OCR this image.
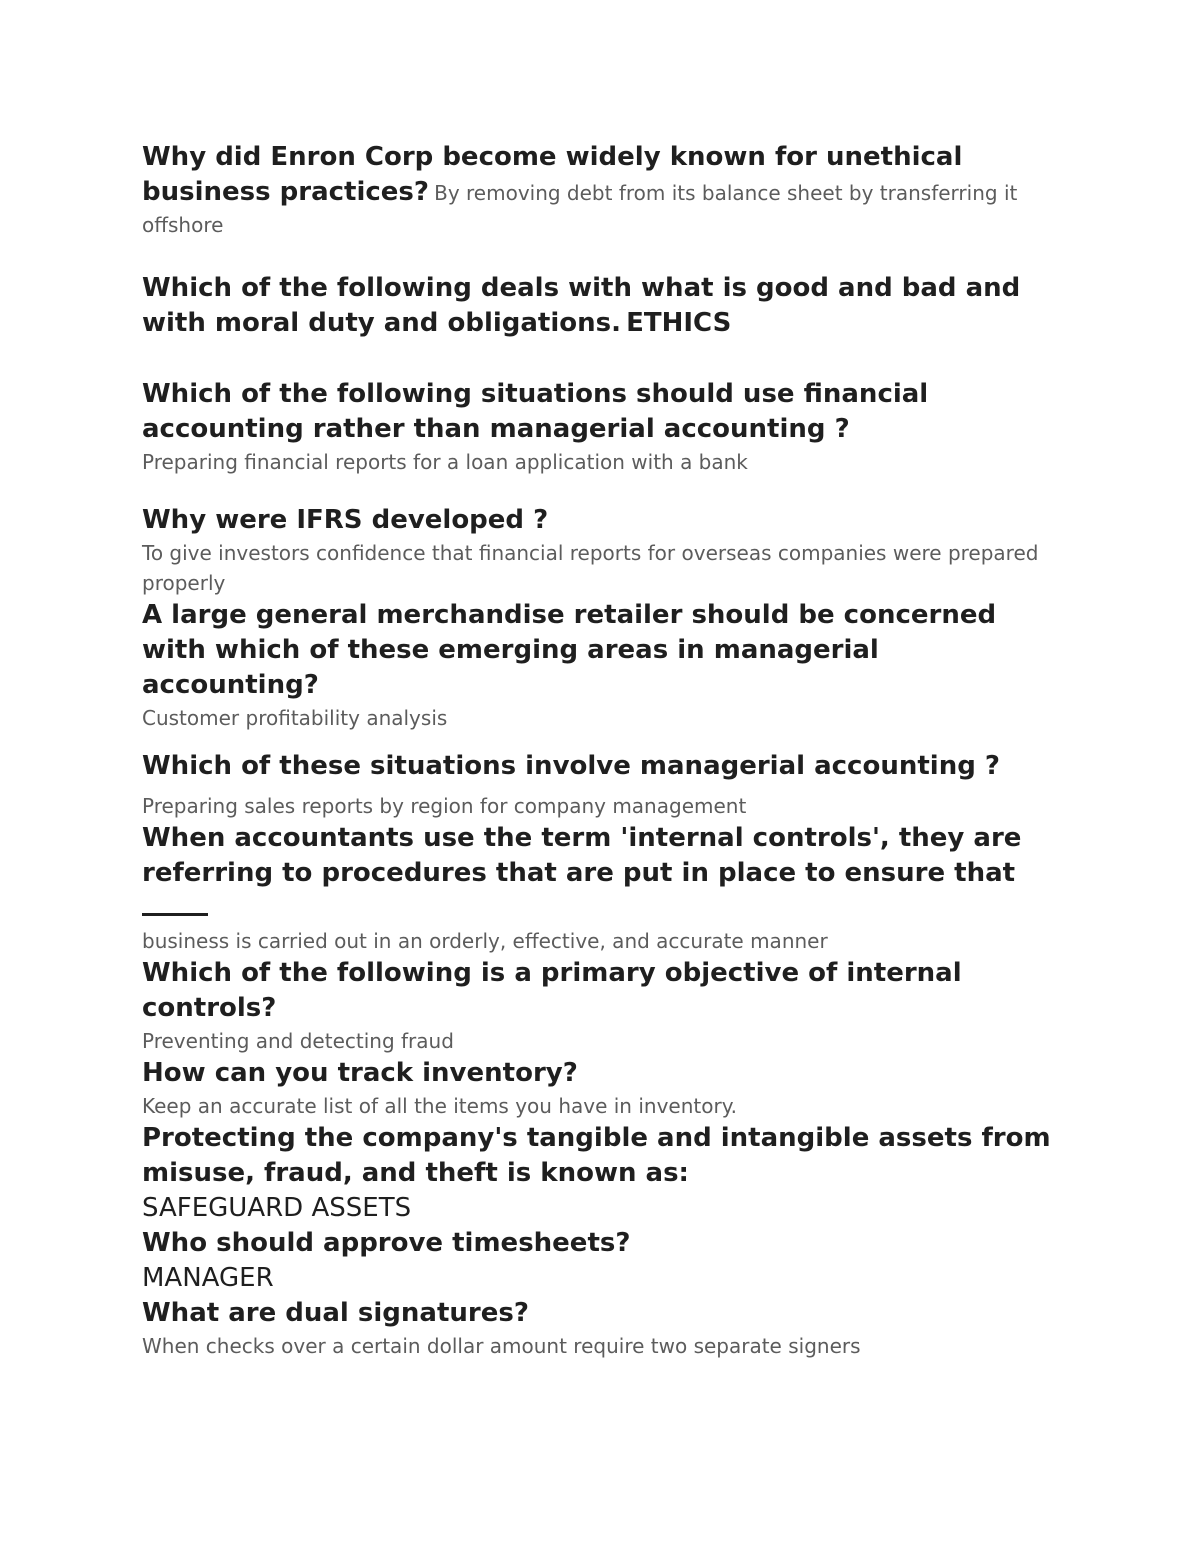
Why did Enron Corp become widely known for unethical business practices? By removing debt from its balance sheet by transferring it offshore
Which of the following deals with what is good and bad and with moral duty and obligations. ETHICS
Which of the following situations should use financial accounting rather than managerial accounting ?
Preparing financial reports for a loan application with a bank
Why were IFRS developed ?
To give investors confidence that financial reports for overseas companies were prepared properly
A large general merchandise retailer should be concerned with which of these emerging areas in managerial accounting?
Customer profitability analysis
Which of these situations involve managerial accounting ?
Preparing sales reports by region for company management
When accountants use the term 'internal controls', they are referring to procedures that are put in place to ensure that
business is carried out in an orderly, effective, and accurate manner
Which of the following is a primary objective of internal controls?
Preventing and detecting fraud
How can you track inventory?
Keep an accurate list of all the items you have in inventory.
Protecting the company's tangible and intangible assets from misuse, fraud, and theft is known as:
SAFEGUARD ASSETS
Who should approve timesheets?
MANAGER
What are dual signatures?
When checks over a certain dollar amount require two separate signers
